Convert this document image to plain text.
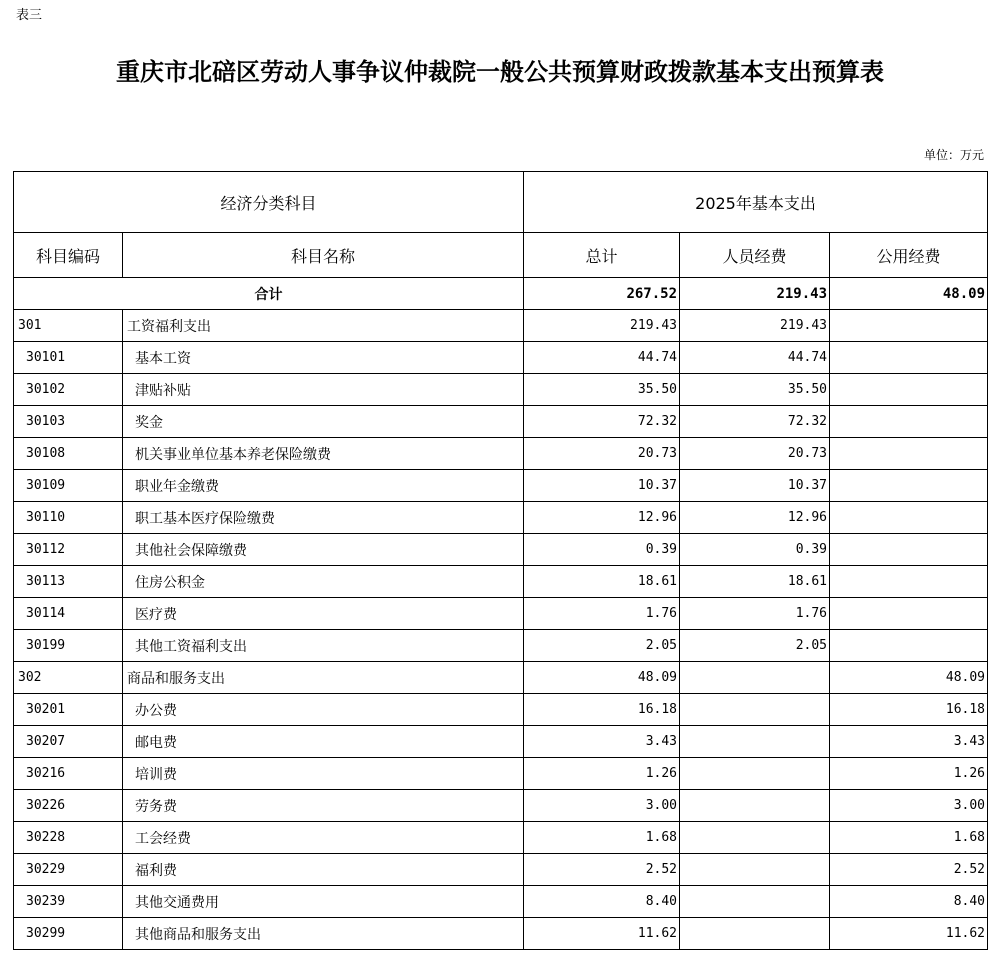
表三
重庆市北碚区劳动人事争议仲裁院一般公共预算财政拨款基本支出预算表
单位：万元
经济分类科目		2025年基本支出		
科目编码	科目名称	总计	人员经费	公用经费
合计		267.52	219.43	48.09
301	工资福利支出	219.43	219.43	
30101	基本工资	44.74	44.74	
30102	津贴补贴	35.50	35.50	
30103	奖金	72.32	72.32	
30108	机关事业单位基本养老保险缴费	20.73	20.73	
30109	职业年金缴费	10.37	10.37	
30110	职工基本医疗保险缴费	12.96	12.96	
30112	其他社会保障缴费	0.39	0.39	
30113	住房公积金	18.61	18.61	
30114	医疗费	1.76	1.76	
30199	其他工资福利支出	2.05	2.05	
302	商品和服务支出	48.09		48.09
30201	办公费	16.18		16.18
30207	邮电费	3.43		3.43
30216	培训费	1.26		1.26
30226	劳务费	3.00		3.00
30228	工会经费	1.68		1.68
30229	福利费	2.52		2.52
30239	其他交通费用	8.40		8.40
30299	其他商品和服务支出	11.62		11.62
